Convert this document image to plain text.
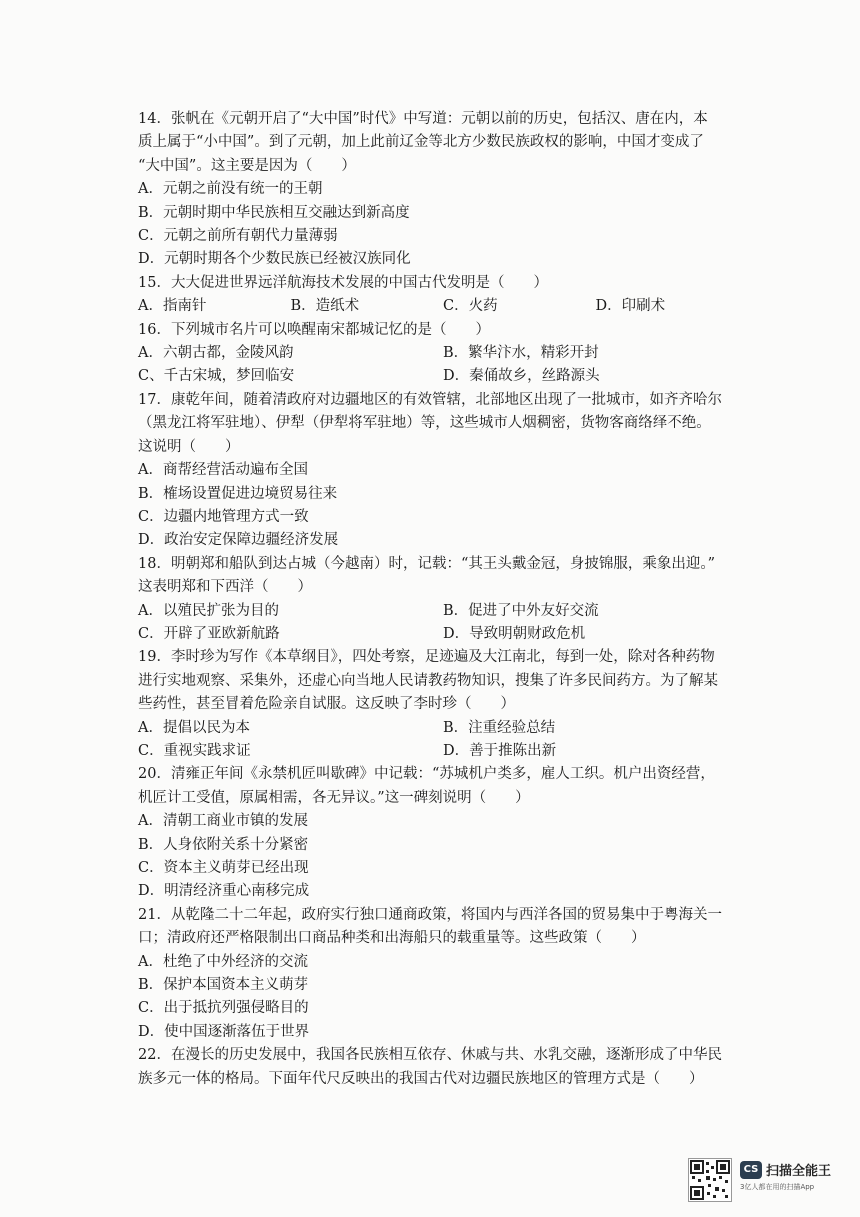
14．张帆在《元朝开启了“大中国”时代》中写道：元朝以前的历史，包括汉、唐在内，本
质上属于“小中国”。到了元朝，加上此前辽金等北方少数民族政权的影响，中国才变成了
“大中国”。这主要是因为（　　）
A．元朝之前没有统一的王朝
B．元朝时期中华民族相互交融达到新高度
C．元朝之前所有朝代力量薄弱
D．元朝时期各个少数民族已经被汉族同化
15．大大促进世界远洋航海技术发展的中国古代发明是（　　）
A．指南针	B．造纸术	C．火药	D．印刷术
16．下列城市名片可以唤醒南宋都城记忆的是（　　）
A．六朝古都，金陵风韵	B．繁华汴水，精彩开封
C、千古宋城，梦回临安	D．秦俑故乡，丝路源头
17．康乾年间，随着清政府对边疆地区的有效管辖，北部地区出现了一批城市，如齐齐哈尔
（黑龙江将军驻地）、伊犁（伊犁将军驻地）等，这些城市人烟稠密，货物客商络绎不绝。
这说明（　　）
A．商帮经营活动遍布全国
B．榷场设置促进边境贸易往来
C．边疆内地管理方式一致
D．政治安定保障边疆经济发展
18．明朝郑和船队到达占城（今越南）时，记载：“其王头戴金冠，身披锦服，乘象出迎。”
这表明郑和下西洋（　　）
A．以殖民扩张为目的	B．促进了中外友好交流
C．开辟了亚欧新航路	D．导致明朝财政危机
19．李时珍为写作《本草纲目》，四处考察，足迹遍及大江南北，每到一处，除对各种药物
进行实地观察、采集外，还虚心向当地人民请教药物知识，搜集了许多民间药方。为了解某
些药性，甚至冒着危险亲自试服。这反映了李时珍（　　）
A．提倡以民为本	B．注重经验总结
C．重视实践求证	D．善于推陈出新
20．清雍正年间《永禁机匠叫歇碑》中记载：“苏城机户类多，雇人工织。机户出资经营，
机匠计工受值，原属相需，各无异议。”这一碑刻说明（　　）
A．清朝工商业市镇的发展
B．人身依附关系十分紧密
C．资本主义萌芽已经出现
D．明清经济重心南移完成
21．从乾隆二十二年起，政府实行独口通商政策，将国内与西洋各国的贸易集中于粤海关一
口；清政府还严格限制出口商品种类和出海船只的载重量等。这些政策（　　）
A．杜绝了中外经济的交流
B．保护本国资本主义萌芽
C．出于抵抗列强侵略目的
D．使中国逐渐落伍于世界
22．在漫长的历史发展中，我国各民族相互依存、休戚与共、水乳交融，逐渐形成了中华民
族多元一体的格局。下面年代尺反映出的我国古代对边疆民族地区的管理方式是（　　）
CS 扫描全能王
3亿人都在用的扫描App
